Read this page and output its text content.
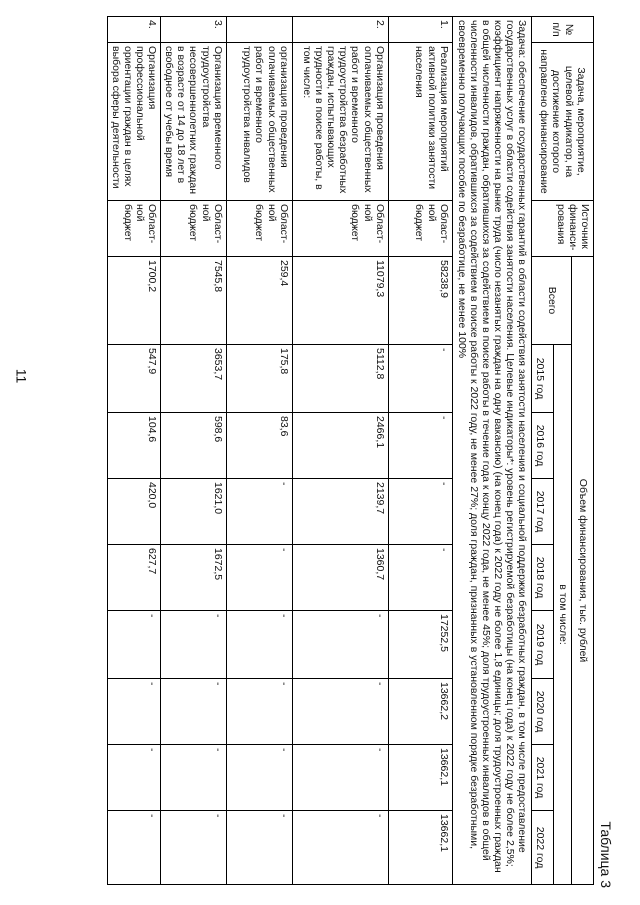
11
Таблица 3
№ п/п	Задача, мероприятие, целевой индикатор, на достижение которого направлено финансирование	Источник финанси-рования	Объем финансирования, тыс. рублей								
			Всего	в том числе:							
				2015 год	2016 год	2017 год	2018 год	2019 год	2020 год	2021 год	2022 год
Задача: обеспечение государственных гарантий в области содействия занятости населения и социальной поддержки безработных граждан, в том числе предоставление государственных услуг в области содействия занятости населения. Целевые индикаторы*: уровень регистрируемой безработицы (на конец года) к 2022 году не более 2,5%; коэффициент напряженности на рынке труда (число незанятых граждан на одну вакансию) (на конец года) к 2022 году не более 1,8 единицы; доля трудоустроенных граждан в общей численности граждан, обратившихся за содействием в поиске работы в течение года к концу 2022 года, не менее 45%; доля трудоустроенных инвалидов в общей численности инвалидов, обратившихся за содействием в поиске работы к 2022 году, не менее 27%; доля граждан, признанных в установленном порядке безработными, своевременно получающих пособие по безработице, не менее 100%											
1.	Реализация мероприятий активной политики занятости населения	Област-ной бюджет	58238,9	-	-	-	-	17252,5	13662,2	13662,1	13662,1
2.	Организация проведения оплачиваемых общественных работ и временного трудоустройства безработных граждан, испытывающих трудности в поиске работы, в том числе:	Област-ной бюджет	11079,3	5112,8	2466,1	2139,7	1360,7	-	-	-	-
	организация проведения оплачиваемых общественных работ и временного трудоустройства инвалидов	Област-ной бюджет	259,4	175,8	83,6	-	-	-	-	-	-
3.	Организация временного трудоустройства несовершеннолетних граждан в возрасте от 14 до 18 лет в свободное от учебы время	Област-ной бюджет	7545,8	3653,7	598,6	1621,0	1672,5	-	-	-	-
4.	Организация профессиональной ориентации граждан в целях выбора сферы деятельности	Област-ной бюджет	1700,2	547,9	104,6	420,0	627,7	-	-	-	-
